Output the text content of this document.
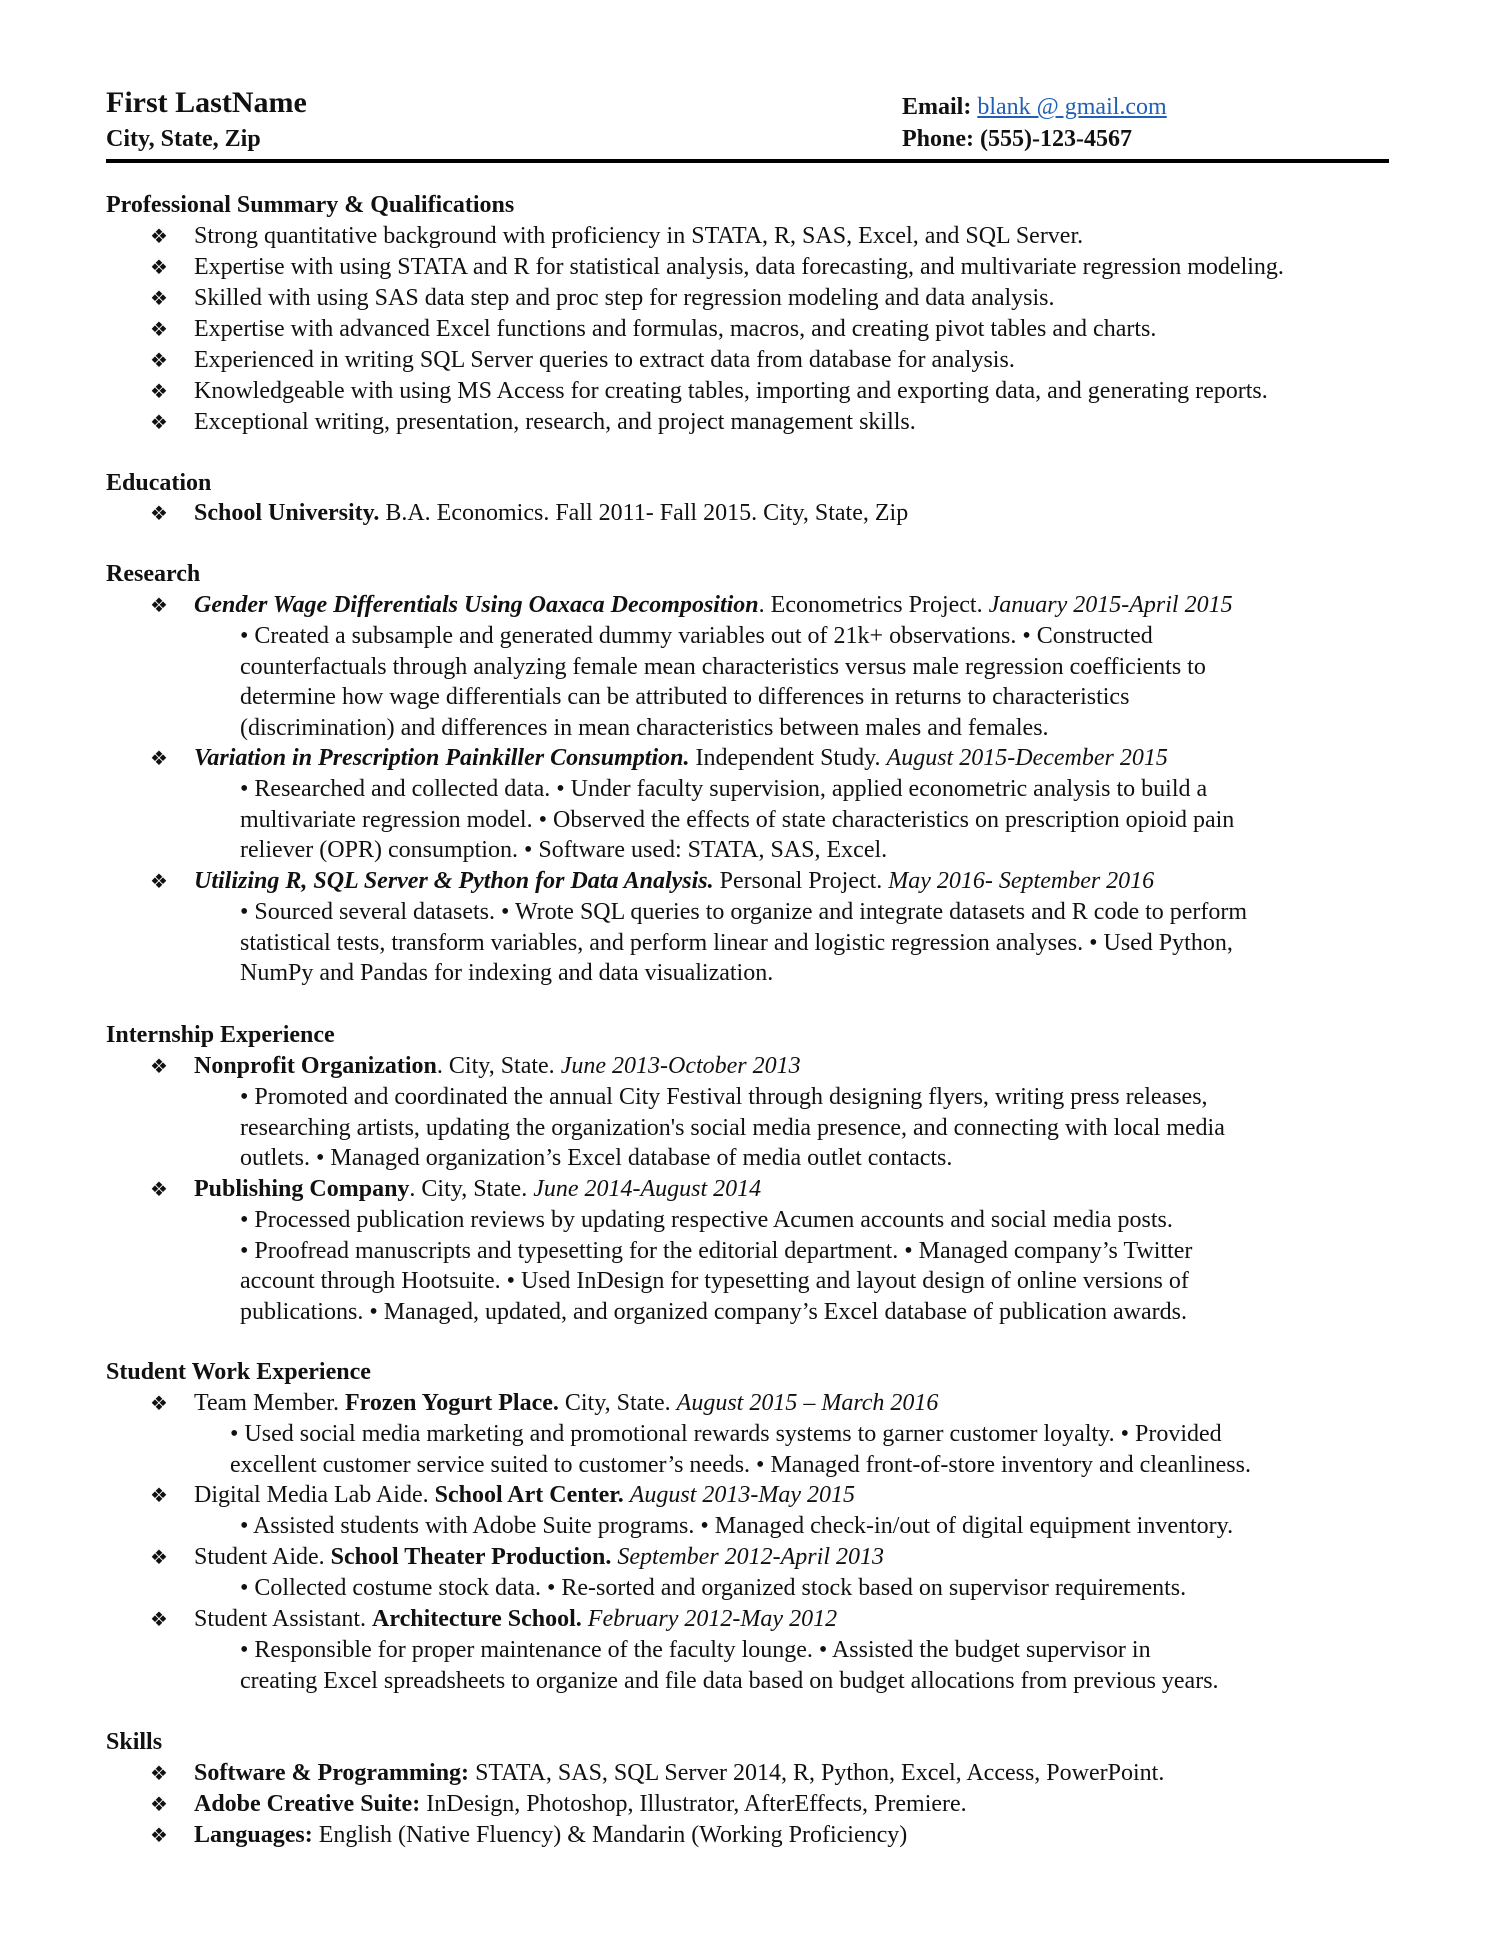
First LastName
City, State, Zip
Email: blank @ gmail.com
Phone: (555)-123-4567
Professional Summary & Qualifications
❖ Strong quantitative background with proficiency in STATA, R, SAS, Excel, and SQL Server.
❖ Expertise with using STATA and R for statistical analysis, data forecasting, and multivariate regression modeling.
❖ Skilled with using SAS data step and proc step for regression modeling and data analysis.
❖ Expertise with advanced Excel functions and formulas, macros, and creating pivot tables and charts.
❖ Experienced in writing SQL Server queries to extract data from database for analysis.
❖ Knowledgeable with using MS Access for creating tables, importing and exporting data, and generating reports.
❖ Exceptional writing, presentation, research, and project management skills.
Education
❖ School University. B.A. Economics. Fall 2011- Fall 2015. City, State, Zip
Research
❖ Gender Wage Differentials Using Oaxaca Decomposition. Econometrics Project. January 2015-April 2015
• Created a subsample and generated dummy variables out of 21k+ observations. • Constructed
counterfactuals through analyzing female mean characteristics versus male regression coefficients to
determine how wage differentials can be attributed to differences in returns to characteristics
(discrimination) and differences in mean characteristics between males and females.
❖ Variation in Prescription Painkiller Consumption. Independent Study. August 2015-December 2015
• Researched and collected data. • Under faculty supervision, applied econometric analysis to build a
multivariate regression model. • Observed the effects of state characteristics on prescription opioid pain
reliever (OPR) consumption. • Software used: STATA, SAS, Excel.
❖ Utilizing R, SQL Server & Python for Data Analysis. Personal Project. May 2016- September 2016
• Sourced several datasets. • Wrote SQL queries to organize and integrate datasets and R code to perform
statistical tests, transform variables, and perform linear and logistic regression analyses. • Used Python,
NumPy and Pandas for indexing and data visualization.
Internship Experience
❖ Nonprofit Organization. City, State. June 2013-October 2013
• Promoted and coordinated the annual City Festival through designing flyers, writing press releases,
researching artists, updating the organization's social media presence, and connecting with local media
outlets. • Managed organization’s Excel database of media outlet contacts.
❖ Publishing Company. City, State. June 2014-August 2014
• Processed publication reviews by updating respective Acumen accounts and social media posts.
• Proofread manuscripts and typesetting for the editorial department. • Managed company’s Twitter
account through Hootsuite. • Used InDesign for typesetting and layout design of online versions of
publications. • Managed, updated, and organized company’s Excel database of publication awards.
Student Work Experience
❖ Team Member. Frozen Yogurt Place. City, State. August 2015 – March 2016
• Used social media marketing and promotional rewards systems to garner customer loyalty. • Provided
excellent customer service suited to customer’s needs. • Managed front-of-store inventory and cleanliness.
❖ Digital Media Lab Aide. School Art Center. August 2013-May 2015
• Assisted students with Adobe Suite programs. • Managed check-in/out of digital equipment inventory.
❖ Student Aide. School Theater Production. September 2012-April 2013
• Collected costume stock data. • Re-sorted and organized stock based on supervisor requirements.
❖ Student Assistant. Architecture School. February 2012-May 2012
• Responsible for proper maintenance of the faculty lounge. • Assisted the budget supervisor in
creating Excel spreadsheets to organize and file data based on budget allocations from previous years.
Skills
❖ Software & Programming: STATA, SAS, SQL Server 2014, R, Python, Excel, Access, PowerPoint.
❖ Adobe Creative Suite: InDesign, Photoshop, Illustrator, AfterEffects, Premiere.
❖ Languages: English (Native Fluency) & Mandarin (Working Proficiency)
